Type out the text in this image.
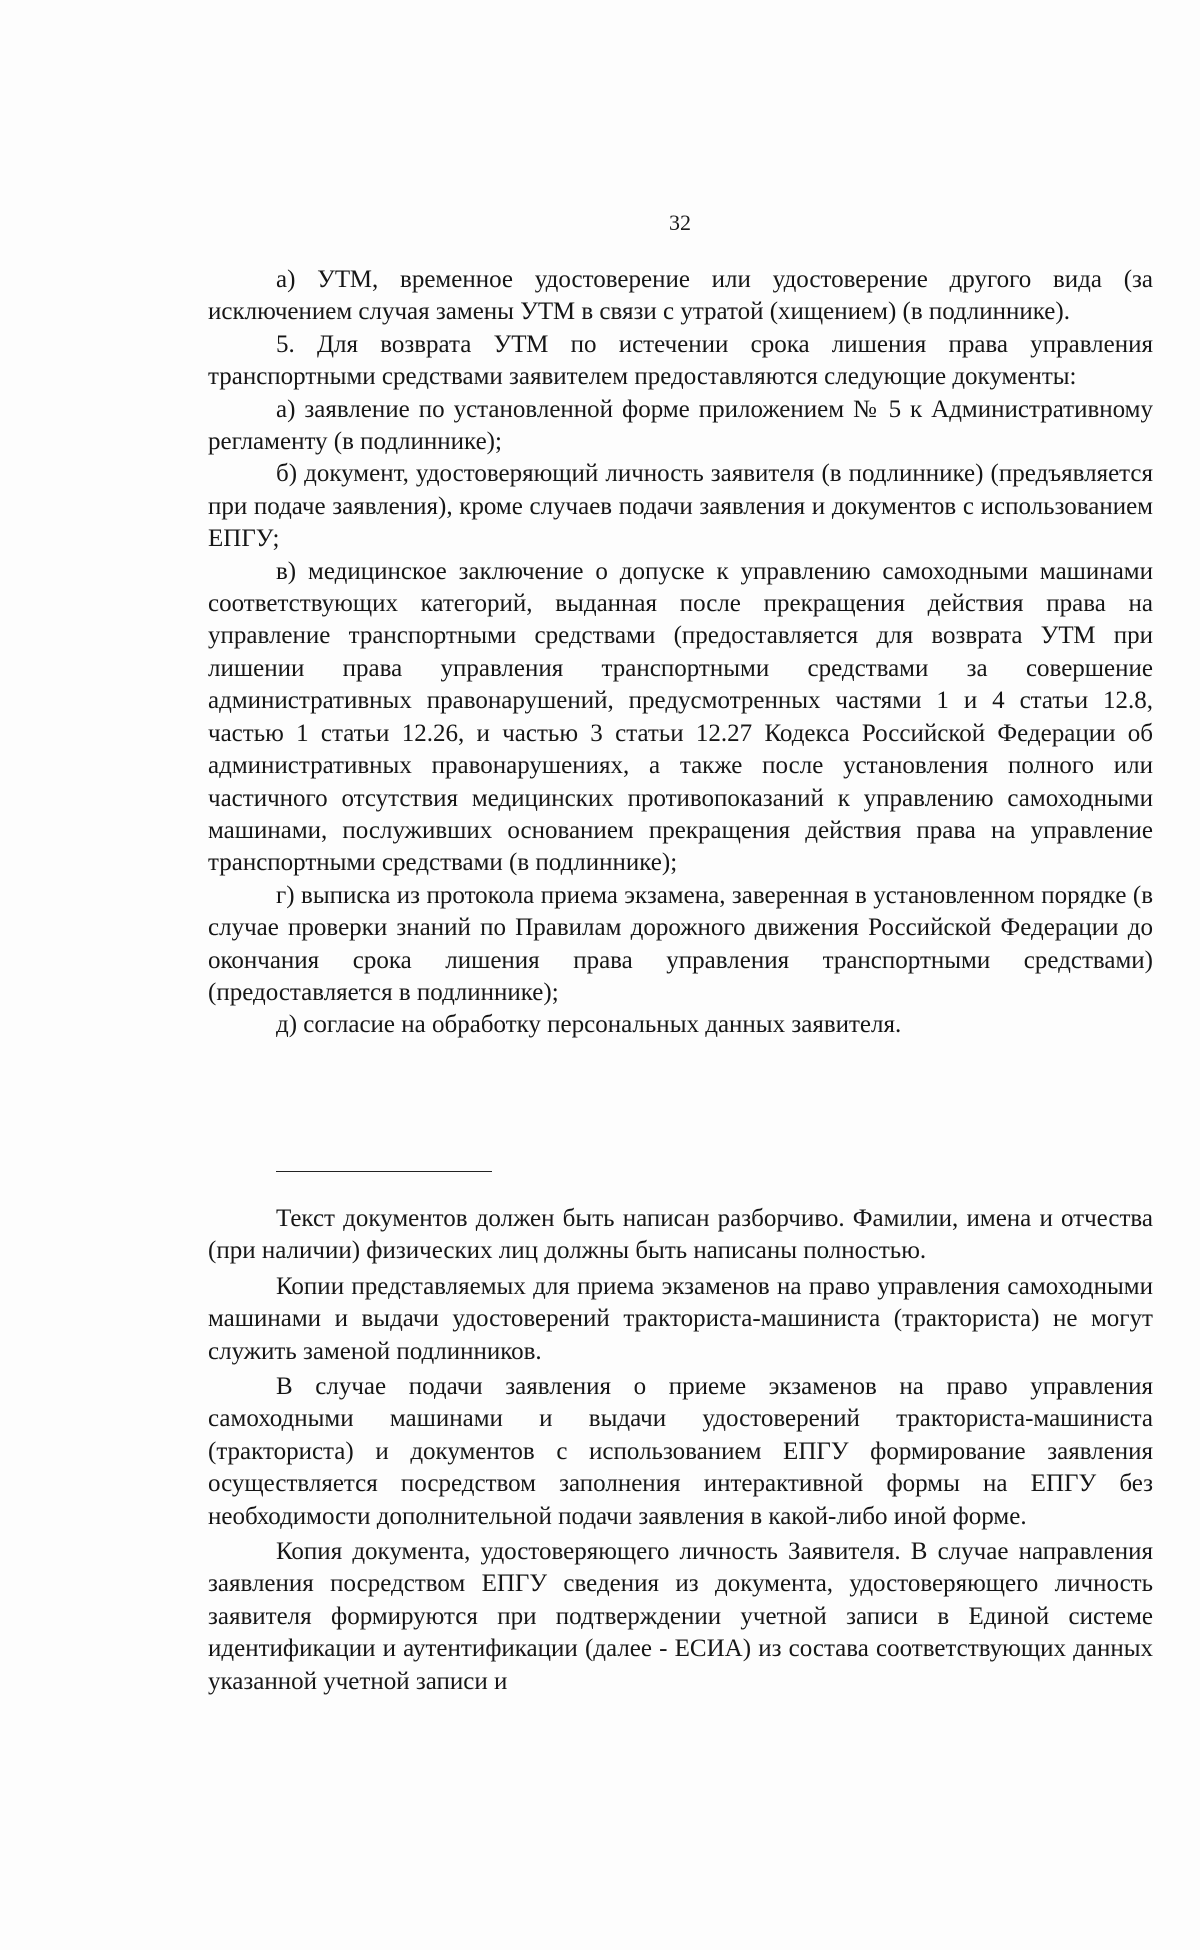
32

а) УТМ, временное удостоверение или удостоверение другого вида (за исключением случая замены УТМ в связи с утратой (хищением) (в подлиннике).

5. Для возврата УТМ по истечении срока лишения права управления транспортными средствами заявителем предоставляются следующие документы:

а) заявление по установленной форме приложением № 5 к Административному регламенту (в подлиннике);

б) документ, удостоверяющий личность заявителя (в подлиннике) (предъявляется при подаче заявления), кроме случаев подачи заявления и документов с использованием ЕПГУ;

в) медицинское заключение о допуске к управлению самоходными машинами соответствующих категорий, выданная после прекращения действия права на управление транспортными средствами (предоставляется для возврата УТМ при лишении права управления транспортными средствами за совершение административных правонарушений, предусмотренных частями 1 и 4 статьи 12.8, частью 1 статьи 12.26, и частью 3 статьи 12.27 Кодекса Российской Федерации об административных правонарушениях, а также после установления полного или частичного отсутствия медицинских противопоказаний к управлению самоходными машинами, послуживших основанием прекращения действия права на управление транспортными средствами (в подлиннике);

г) выписка из протокола приема экзамена, заверенная в установленном порядке (в случае проверки знаний по Правилам дорожного движения Российской Федерации до окончания срока лишения права управления транспортными средствами) (предоставляется в подлиннике);

д) согласие на обработку персональных данных заявителя.

Текст документов должен быть написан разборчиво. Фамилии, имена и отчества (при наличии) физических лиц должны быть написаны полностью.

Копии представляемых для приема экзаменов на право управления самоходными машинами и выдачи удостоверений тракториста-машиниста (тракториста) не могут служить заменой подлинников.

В случае подачи заявления о приеме экзаменов на право управления самоходными машинами и выдачи удостоверений тракториста-машиниста (тракториста) и документов с использованием ЕПГУ формирование заявления осуществляется посредством заполнения интерактивной формы на ЕПГУ без необходимости дополнительной подачи заявления в какой-либо иной форме.

Копия документа, удостоверяющего личность Заявителя. В случае направления заявления посредством ЕПГУ сведения из документа, удостоверяющего личность заявителя формируются при подтверждении учетной записи в Единой системе идентификации и аутентификации (далее - ЕСИА) из состава соответствующих данных указанной учетной записи и
